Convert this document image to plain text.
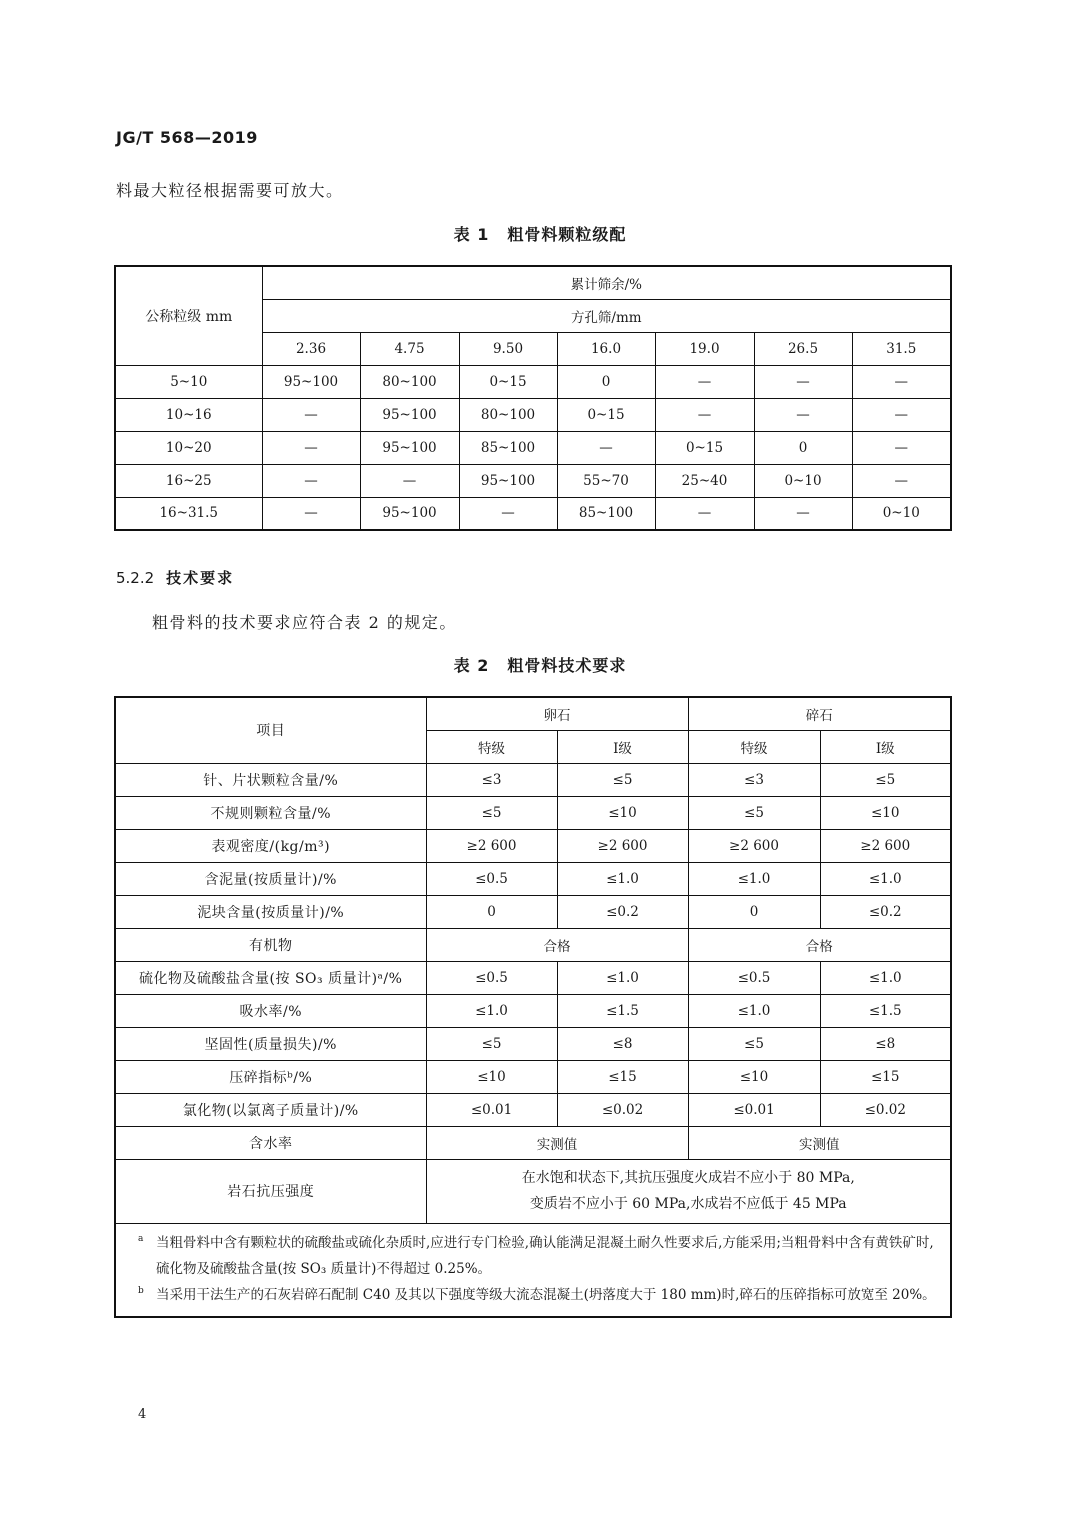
JG/T 568—2019
料最大粒径根据需要可放大。
表 1 粗骨料颗粒级配
公称粒级 mm	累计筛余/%						
	方孔筛/mm						
	2.36	4.75	9.50	16.0	19.0	26.5	31.5
5~10	95~100	80~100	0~15	0	—	—	—
10~16	—	95~100	80~100	0~15	—	—	—
10~20	—	95~100	85~100	—	0~15	0	—
16~25	—	—	95~100	55~70	25~40	0~10	—
16~31.5	—	95~100	—	85~100	—	—	0~10
5.2.2 技术要求
粗骨料的技术要求应符合表 2 的规定。
表 2 粗骨料技术要求
项目	卵石		碎石	
	特级	Ⅰ级	特级	Ⅰ级
针、片状颗粒含量/%	≤3	≤5	≤3	≤5
不规则颗粒含量/%	≤5	≤10	≤5	≤10
表观密度/(kg/m³)	≥2 600	≥2 600	≥2 600	≥2 600
含泥量(按质量计)/%	≤0.5	≤1.0	≤1.0	≤1.0
泥块含量(按质量计)/%	0	≤0.2	0	≤0.2
有机物	合格		合格	
硫化物及硫酸盐含量(按 SO₃ 质量计)ᵃ/%	≤0.5	≤1.0	≤0.5	≤1.0
吸水率/%	≤1.0	≤1.5	≤1.0	≤1.5
坚固性(质量损失)/%	≤5	≤8	≤5	≤8
压碎指标ᵇ/%	≤10	≤15	≤10	≤15
氯化物(以氯离子质量计)/%	≤0.01	≤0.02	≤0.01	≤0.02
含水率	实测值		实测值	
岩石抗压强度	在水饱和状态下,其抗压强度火成岩不应小于 80 MPa,
变质岩不应小于 60 MPa,水成岩不应低于 45 MPa			

a 当粗骨料中含有颗粒状的硫酸盐或硫化杂质时,应进行专门检验,确认能满足混凝土耐久性要求后,方能采用;当粗骨料中含有黄铁矿时,硫化物及硫酸盐含量(按 SO₃ 质量计)不得超过 0.25%。
b 当采用干法生产的石灰岩碎石配制 C40 及其以下强度等级大流态混凝土(坍落度大于 180 mm)时,碎石的压碎指标可放宽至 20%。				
4
